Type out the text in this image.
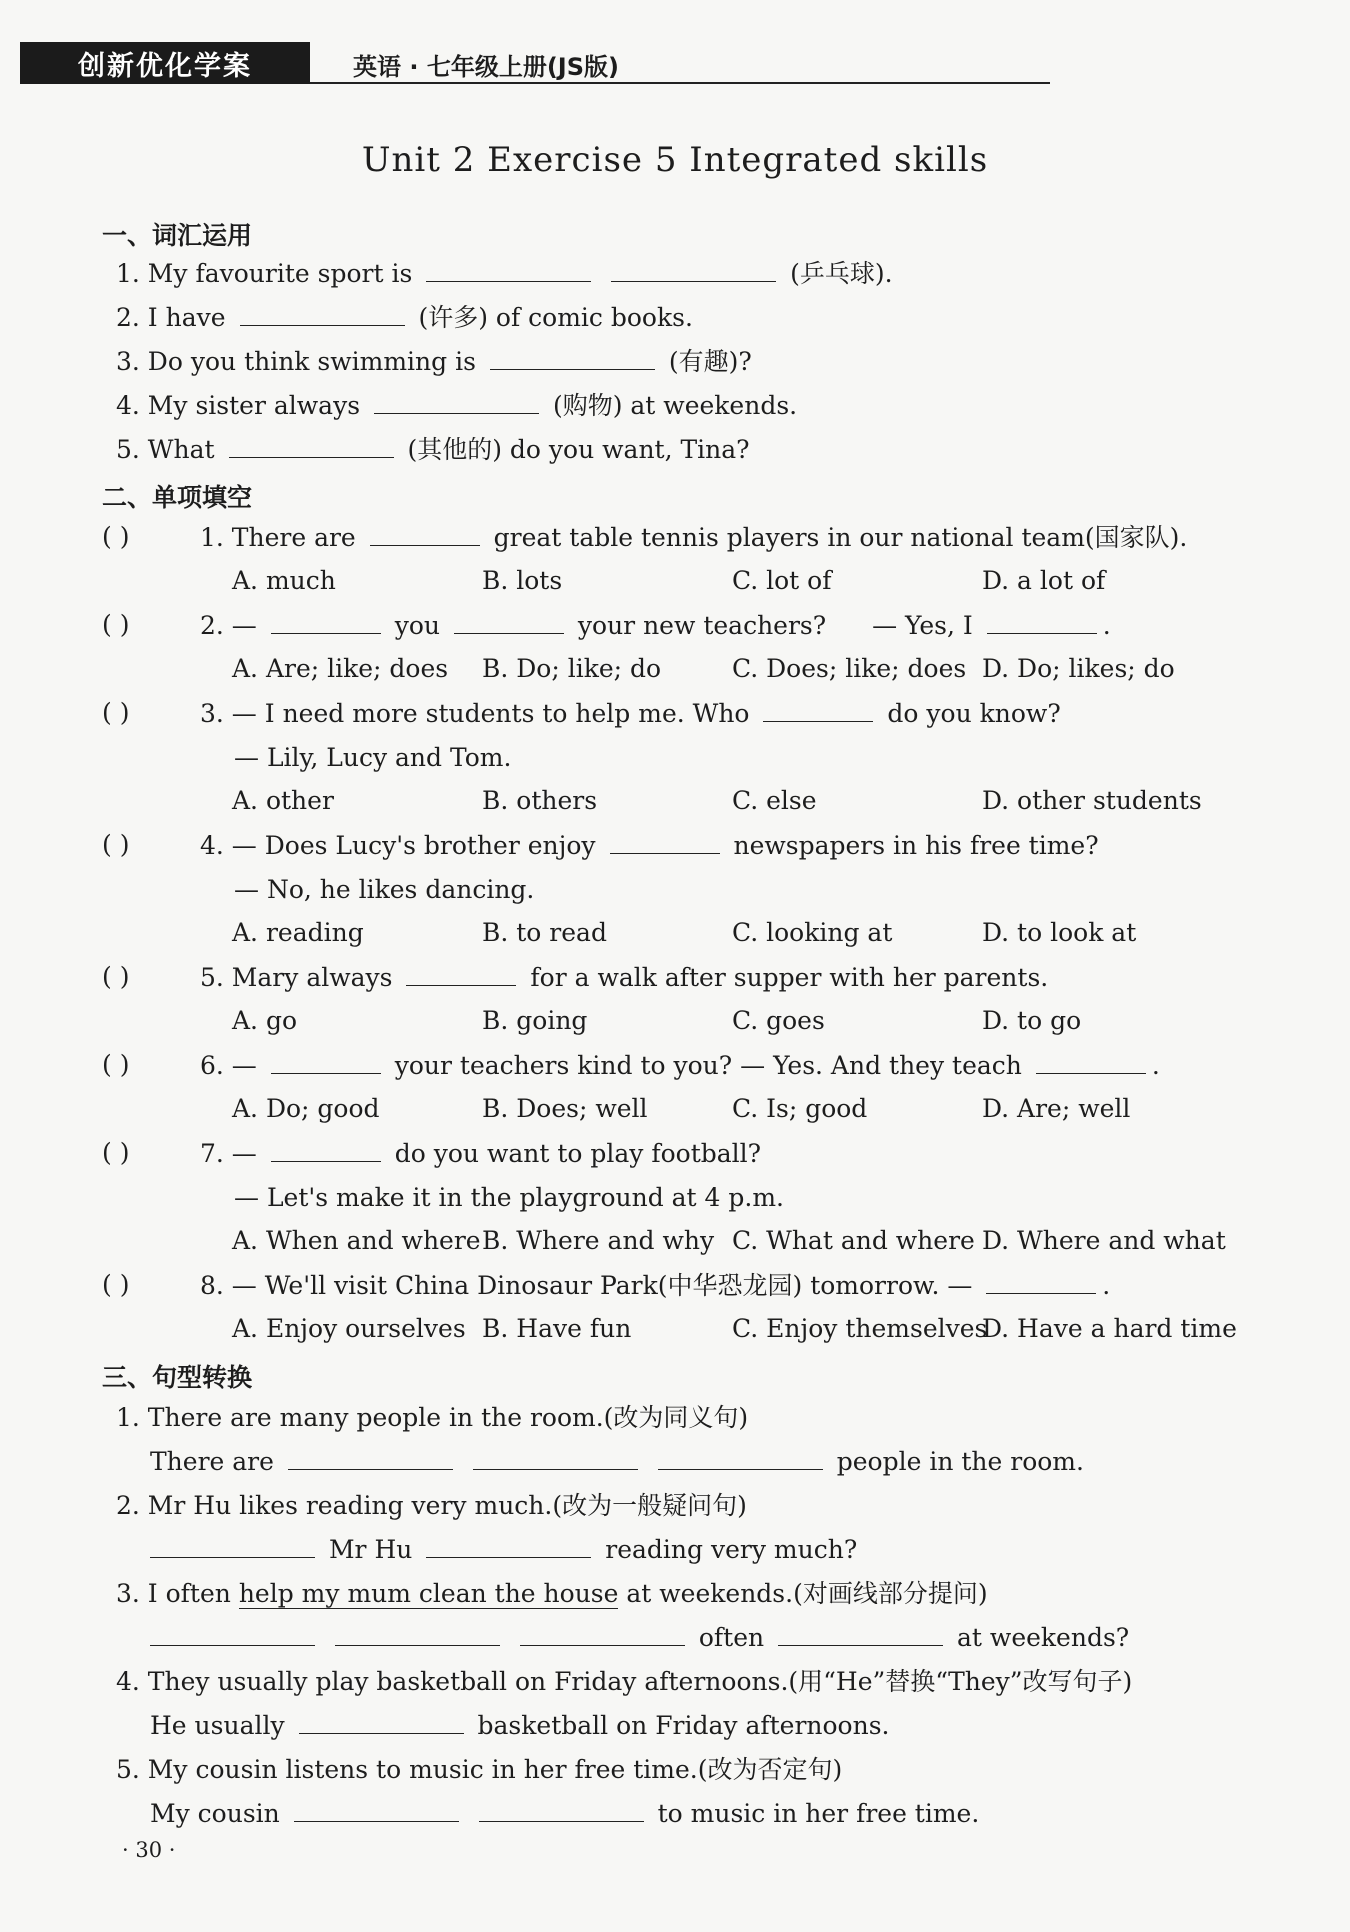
创新优化学案	英语 · 七年级上册(JS版)
Unit 2 Exercise 5 Integrated skills
一、词汇运用
1. My favourite sport is	(乒乓球).
2. I have	(许多) of comic books.
3. Do you think swimming is	(有趣)?
4. My sister always	(购物) at weekends.
5. What	(其他的) do you want, Tina?
二、单项填空
( )	1. There are	great table tennis players in our national team(国家队).
A. much	B. lots	C. lot of	D. a lot of
( )	2. —	you	your new teachers? — Yes, I	.
A. Are; like; does B. Do; like; do	C. Does; like; does D. Do; likes; do
( )	3. — I need more students to help me. Who	do you know?
— Lily, Lucy and Tom.
A. other	B. others	C. else	D. other students
( )	4. — Does Lucy's brother enjoy	newspapers in his free time?
— No, he likes dancing.
A. reading	B. to read	C. looking at	D. to look at
( )	5. Mary always	for a walk after supper with her parents.
A. go	B. going	C. goes	D. to go
( )	6. —	your teachers kind to you? — Yes. And they teach	.
A. Do; good	B. Does; well	C. Is; good	D. Are; well
( )	7. —	do you want to play football?
— Let's make it in the playground at 4 p.m.
A. When and where B. Where and why C. What and where D. Where and what
( )	8. — We'll visit China Dinosaur Park(中华恐龙园) tomorrow. —	.
A. Enjoy ourselves B. Have fun	C. Enjoy themselves
D. Have a hard time
三、句型转换
1. There are many people in the room.(改为同义句)
There are	people in the room.
2. Mr Hu likes reading very much.(改为一般疑问句)
Mr Hu	reading very much?
3. I often help my mum clean the house at weekends.(对画线部分提问)
often	at weekends?
4. They usually play basketball on Friday afternoons.(用“He”替换“They”改写句子)
He usually	basketball on Friday afternoons.
5. My cousin listens to music in her free time.(改为否定句)
My cousin	to music in her free time.
· 30 ·
